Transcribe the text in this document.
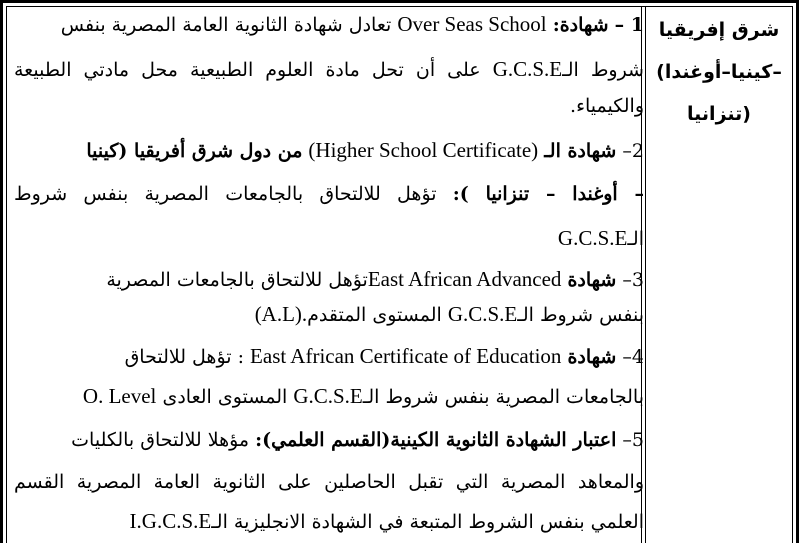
شرق إفريقيا
(كينيا–أوغندا–
تنزانيا)
1 – شهادة: Over Seas School تعادل شهادة الثانوية العامة المصرية بنفس
شروط الـG.C.S.E على أن تحل مادة العلوم الطبيعية محل مادتي الطبيعة
والكيمياء.
2– شهادة الـ (Higher School Certificate) من دول شرق أفريقيا (كينيا
– أوغندا – تنزانيا ): تؤهل للالتحاق بالجامعات المصرية بنفس شروط
الـG.C.S.E
3– شهادة East African Advancedتؤهل للالتحاق بالجامعات المصرية
بنفس شروط الـG.C.S.E المستوى المتقدم(A.L).
4– شهادة East African Certificate of Education : تؤهل للالتحاق
بالجامعات المصرية بنفس شروط الـG.C.S.E المستوى العادى O. Level
5– اعتبار الشهادة الثانوية الكينية(القسم العلمي): مؤهلا للالتحاق بالكليات
والمعاهد المصرية التي تقبل الحاصلين على الثانوية العامة المصرية القسم
العلمي بنفس الشروط المتبعة في الشهادة الانجليزية الـI.G.C.S.E
